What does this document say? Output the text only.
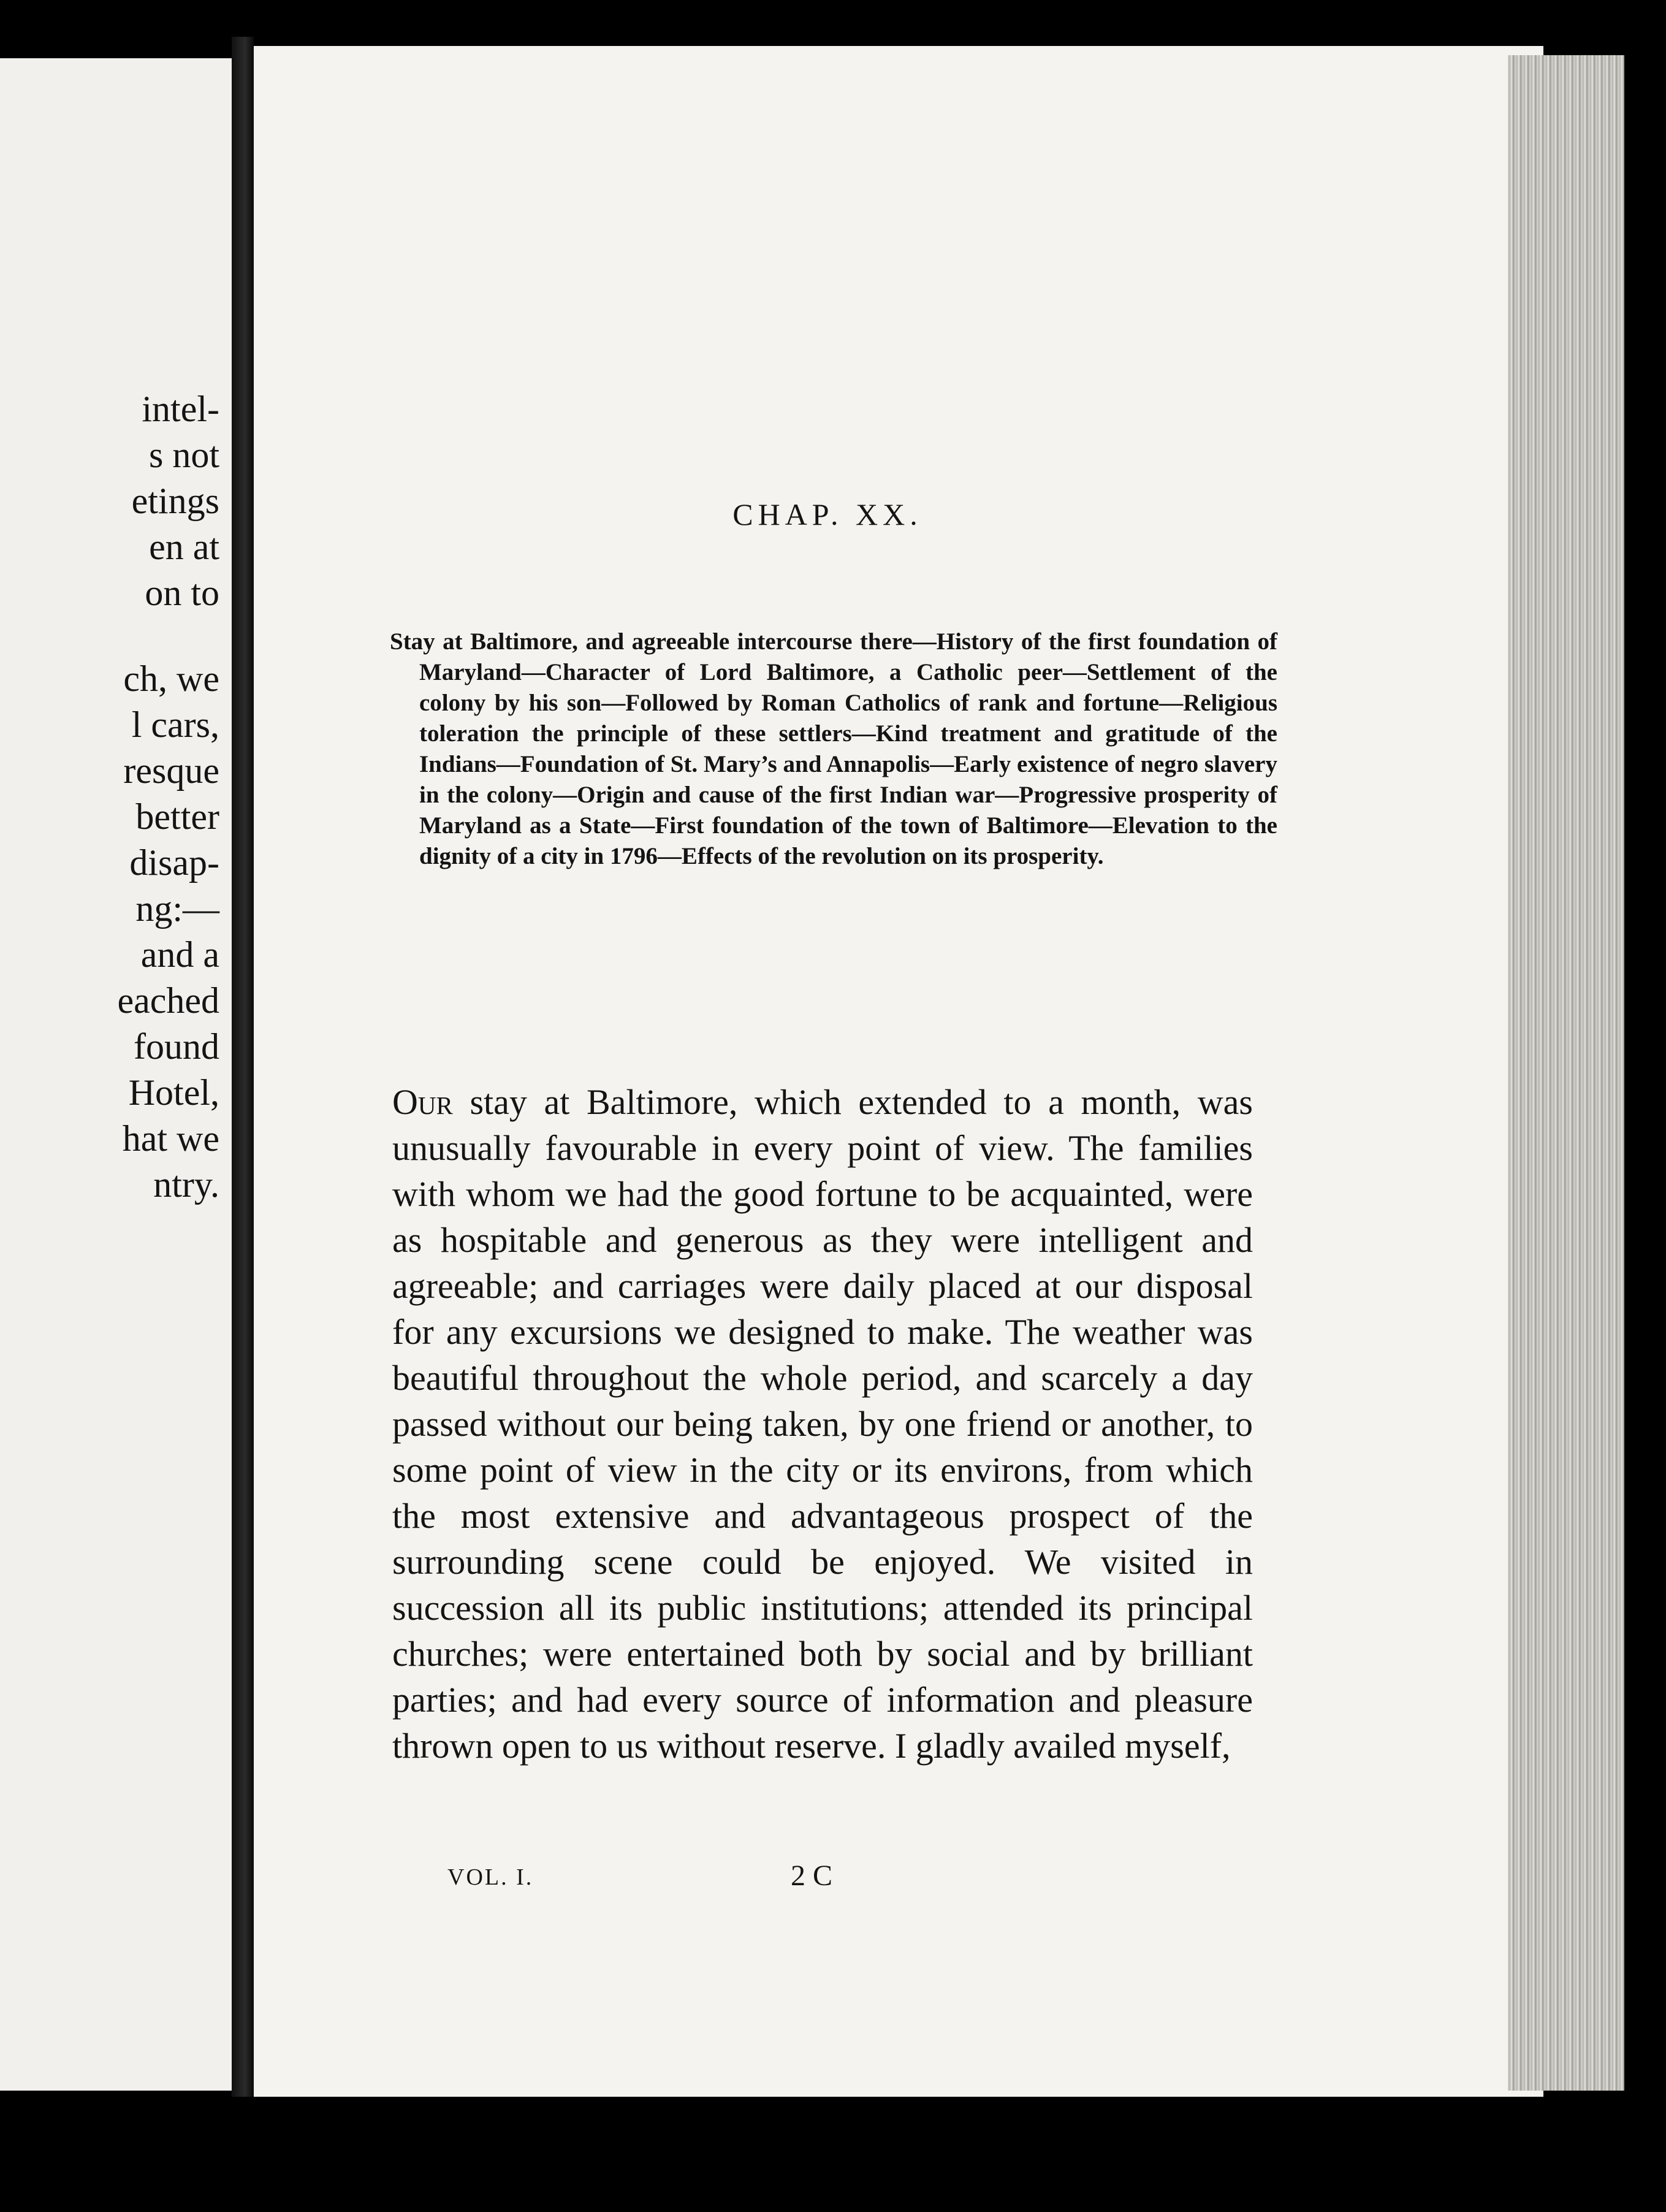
intel-
s not
etings
en at
on to
ch, we
l cars,
resque
better
disap-
ng:—
and a
eached
found
Hotel,
hat we
ntry.
CHAP. XX.

Stay at Baltimore, and agreeable intercourse there—History of the first foundation of Maryland—Character of Lord Baltimore, a Catholic peer—Settlement of the colony by his son—Followed by Roman Catholics of rank and fortune—Religious toleration the principle of these settlers—Kind treatment and gratitude of the Indians—Foundation of St. Mary’s and Annapolis—Early existence of negro slavery in the colony—Origin and cause of the first Indian war—Progressive prosperity of Maryland as a State—First foundation of the town of Baltimore—Elevation to the dignity of a city in 1796—Effects of the revolution on its prosperity.

Our stay at Baltimore, which extended to a month, was unusually favourable in every point of view. The families with whom we had the good fortune to be acquainted, were as hospitable and generous as they were intelligent and agreeable; and carriages were daily placed at our disposal for any excursions we designed to make. The weather was beautiful throughout the whole period, and scarcely a day passed without our being taken, by one friend or another, to some point of view in the city or its environs, from which the most extensive and advantageous prospect of the surrounding scene could be enjoyed. We visited in succession all its public institutions; attended its principal churches; were entertained both by social and by brilliant parties; and had every source of information and pleasure thrown open to us without reserve. I gladly availed myself,

VOL. I.	2 C
